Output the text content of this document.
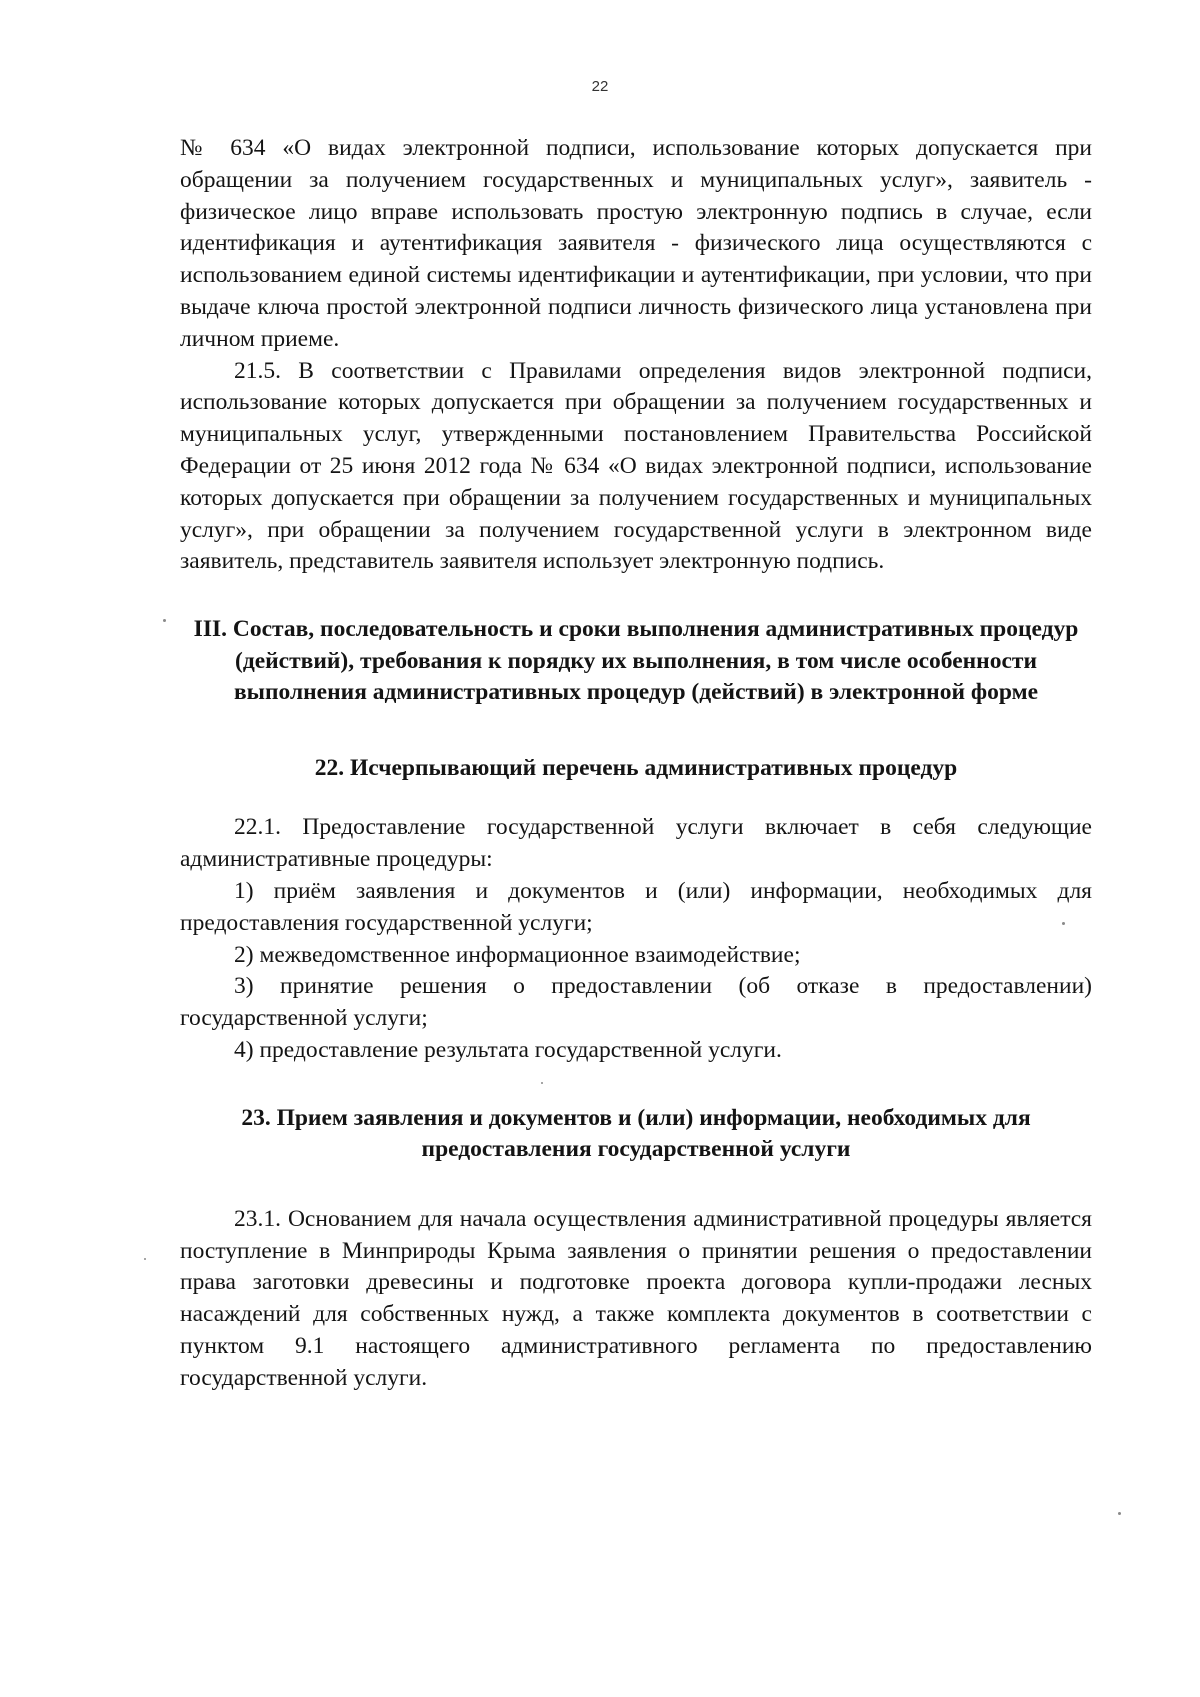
22

№ 634 «О видах электронной подписи, использование которых допускается при обращении за получением государственных и муниципальных услуг», заявитель - физическое лицо вправе использовать простую электронную подпись в случае, если идентификация и аутентификация заявителя - физического лица осуществляются с использованием единой системы идентификации и аутентификации, при условии, что при выдаче ключа простой электронной подписи личность физического лица установлена при личном приеме.

21.5. В соответствии с Правилами определения видов электронной подписи, использование которых допускается при обращении за получением государственных и муниципальных услуг, утвержденными постановлением Правительства Российской Федерации от 25 июня 2012 года № 634 «О видах электронной подписи, использование которых допускается при обращении за получением государственных и муниципальных услуг», при обращении за получением государственной услуги в электронном виде заявитель, представитель заявителя использует электронную подпись.

III. Состав, последовательность и сроки выполнения административных процедур (действий), требования к порядку их выполнения, в том числе особенности выполнения административных процедур (действий) в электронной форме

22. Исчерпывающий перечень административных процедур

22.1. Предоставление государственной услуги включает в себя следующие административные процедуры:

1) приём заявления и документов и (или) информации, необходимых для предоставления государственной услуги;

2) межведомственное информационное взаимодействие;

3) принятие решения о предоставлении (об отказе в предоставлении) государственной услуги;

4) предоставление результата государственной услуги.

23. Прием заявления и документов и (или) информации, необходимых для предоставления государственной услуги

23.1. Основанием для начала осуществления административной процедуры является поступление в Минприроды Крыма заявления о принятии решения о предоставлении права заготовки древесины и подготовке проекта договора купли-продажи лесных насаждений для собственных нужд, а также комплекта документов в соответствии с пунктом 9.1 настоящего административного регламента по предоставлению государственной услуги.
